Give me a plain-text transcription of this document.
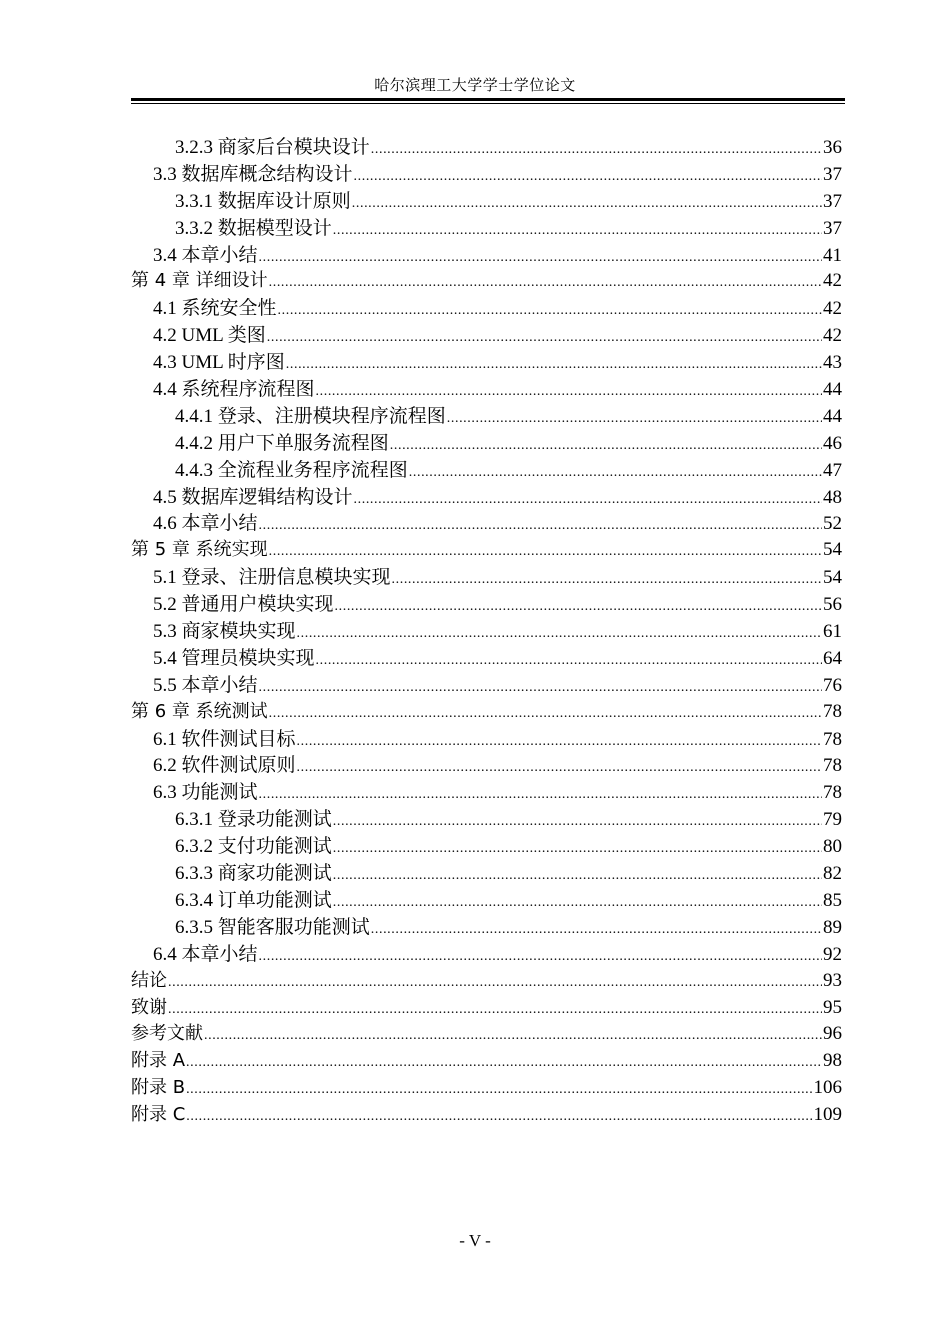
哈尔滨理工大学学士学位论文
3.2.3 商家后台模块设计 .....	36
3.3 数据库概念结构设计 .....	37
3.3.1 数据库设计原则 .....	37
3.3.2 数据模型设计 .....	37
3.4 本章小结 .....	41
第 4 章 详细设计 .....	42
4.1 系统安全性 .....	42
4.2 UML 类图 .....	42
4.3 UML 时序图 .....	43
4.4 系统程序流程图 .....	44
4.4.1 登录、注册模块程序流程图 .....	44
4.4.2 用户下单服务流程图 .....	46
4.4.3 全流程业务程序流程图 .....	47
4.5 数据库逻辑结构设计 .....	48
4.6 本章小结 .....	52
第 5 章 系统实现 .....	54
5.1 登录、注册信息模块实现 .....	54
5.2 普通用户模块实现 .....	56
5.3 商家模块实现 .....	61
5.4 管理员模块实现 .....	64
5.5 本章小结 .....	76
第 6 章 系统测试 .....	78
6.1 软件测试目标 .....	78
6.2 软件测试原则 .....	78
6.3 功能测试 .....	78
6.3.1 登录功能测试 .....	79
6.3.2 支付功能测试 .....	80
6.3.3 商家功能测试 .....	82
6.3.4 订单功能测试 .....	85
6.3.5 智能客服功能测试 .....	89
6.4 本章小结 .....	92
结论 .....	93
致谢 .....	95
参考文献 .....	96
附录 A .....	98
附录 B .....	106
附录 C .....	109
- V -
